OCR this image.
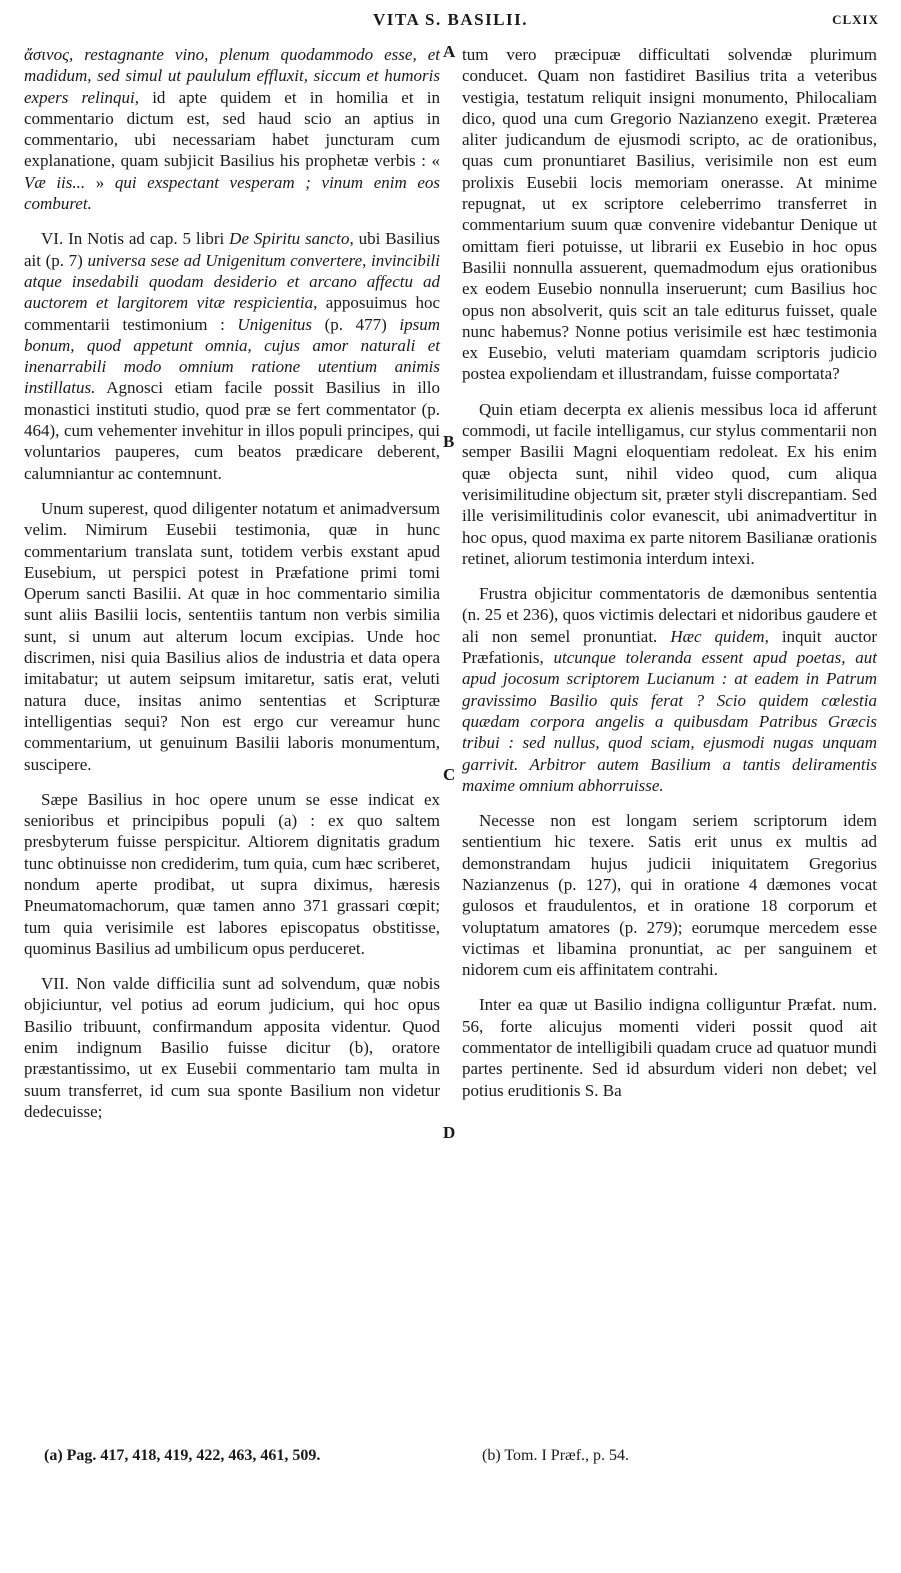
VITA S. BASILII.	CLXIX
A
B
C
D

ἄσινος, restagnante vino, plenum quodammodo esse, et madidum, sed simul ut paululum effluxit, siccum et humoris expers relinqui, id apte quidem et in homilia et in commentario dictum est, sed haud scio an aptius in commentario, ubi necessariam habet juncturam cum explanatione, quam subjicit Basilius his prophetæ verbis : « Væ iis... » qui exspectant vesperam ; vinum enim eos comburet.

VI. In Notis ad cap. 5 libri De Spiritu sancto, ubi Basilius ait (p. 7) universa sese ad Unigenitum convertere, invincibili atque insedabili quodam desiderio et arcano affectu ad auctorem et largitorem vitæ respicientia, apposuimus hoc commentarii testimonium : Unigenitus (p. 477) ipsum bonum, quod appetunt omnia, cujus amor naturali et inenarrabili modo omnium ratione utentium animis instillatus. Agnosci etiam facile possit Basilius in illo monastici instituti studio, quod præ se fert commentator (p. 464), cum vehementer invehitur in illos populi principes, qui voluntarios pauperes, cum beatos prædicare deberent, calumniantur ac contemnunt.

Unum superest, quod diligenter notatum et animadversum velim. Nimirum Eusebii testimonia, quæ in hunc commentarium translata sunt, totidem verbis exstant apud Eusebium, ut perspici potest in Præfatione primi tomi Operum sancti Basilii. At quæ in hoc commentario similia sunt aliis Basilii locis, sententiis tantum non verbis similia sunt, si unum aut alterum locum excipias. Unde hoc discrimen, nisi quia Basilius alios de industria et data opera imitabatur; ut autem seipsum imitaretur, satis erat, veluti natura duce, insitas animo sententias et Scripturæ intelligentias sequi? Non est ergo cur vereamur hunc commentarium, ut genuinum Basilii laboris monumentum, suscipere.

Sæpe Basilius in hoc opere unum se esse indicat ex senioribus et principibus populi (a) : ex quo saltem presbyterum fuisse perspicitur. Altiorem dignitatis gradum tunc obtinuisse non crediderim, tum quia, cum hæc scriberet, nondum aperte prodibat, ut supra diximus, hæresis Pneumatomachorum, quæ tamen anno 371 grassari cœpit; tum quia verisimile est labores episcopatus obstitisse, quominus Basilius ad umbilicum opus perduceret.

VII. Non valde difficilia sunt ad solvendum, quæ nobis objiciuntur, vel potius ad eorum judicium, qui hoc opus Basilio tribuunt, confirmandum apposita videntur. Quod enim indignum Basilio fuisse dicitur (b), oratore præstantissimo, ut ex Eusebii commentario tam multa in suum transferret, id cum sua sponte Basilium non videtur dedecuisse;

tum vero præcipuæ difficultati solvendæ plurimum conducet. Quam non fastidiret Basilius trita a veteribus vestigia, testatum reliquit insigni monumento, Philocaliam dico, quod una cum Gregorio Nazianzeno exegit. Præterea aliter judicandum de ejusmodi scripto, ac de orationibus, quas cum pronuntiaret Basilius, verisimile non est eum prolixis Eusebii locis memoriam onerasse. At minime repugnat, ut ex scriptore celeberrimo transferret in commentarium suum quæ convenire videbantur Denique ut omittam fieri potuisse, ut librarii ex Eusebio in hoc opus Basilii nonnulla assuerent, quemadmodum ejus orationibus ex eodem Eusebio nonnulla inseruerunt; cum Basilius hoc opus non absolverit, quis scit an tale editurus fuisset, quale nunc habemus? Nonne potius verisimile est hæc testimonia ex Eusebio, veluti materiam quamdam scriptoris judicio postea expoliendam et illustrandam, fuisse comportata?

Quin etiam decerpta ex alienis messibus loca id afferunt commodi, ut facile intelligamus, cur stylus commentarii non semper Basilii Magni eloquentiam redoleat. Ex his enim quæ objecta sunt, nihil video quod, cum aliqua verisimilitudine objectum sit, præter styli discrepantiam. Sed ille verisimilitudinis color evanescit, ubi animadvertitur in hoc opus, quod maxima ex parte nitorem Basilianæ orationis retinet, aliorum testimonia interdum intexi.

Frustra objicitur commentatoris de dæmonibus sententia (n. 25 et 236), quos victimis delectari et nidoribus gaudere et ali non semel pronuntiat. Hæc quidem, inquit auctor Præfationis, utcunque toleranda essent apud poetas, aut apud jocosum scriptorem Lucianum : at eadem in Patrum gravissimo Basilio quis ferat ? Scio quidem cœlestia quædam corpora angelis a quibusdam Patribus Græcis tribui : sed nullus, quod sciam, ejusmodi nugas unquam garrivit. Arbitror autem Basilium a tantis deliramentis maxime omnium abhorruisse.

Necesse non est longam seriem scriptorum idem sentientium hic texere. Satis erit unus ex multis ad demonstrandam hujus judicii iniquitatem Gregorius Nazianzenus (p. 127), qui in oratione 4 dæmones vocat gulosos et fraudulentos, et in oratione 18 corporum et voluptatum amatores (p. 279); eorumque mercedem esse victimas et libamina pronuntiat, ac per sanguinem et nidorem cum eis affinitatem contrahi.

Inter ea quæ ut Basilio indigna colliguntur Præfat. num. 56, forte alicujus momenti videri possit quod ait commentator de intelligibili quadam cruce ad quatuor mundi partes pertinente. Sed id absurdum videri non debet; vel potius eruditionis S. Ba

(a) Pag. 417, 418, 419, 422, 463, 461, 509.	(b) Tom. I Præf., p. 54.
